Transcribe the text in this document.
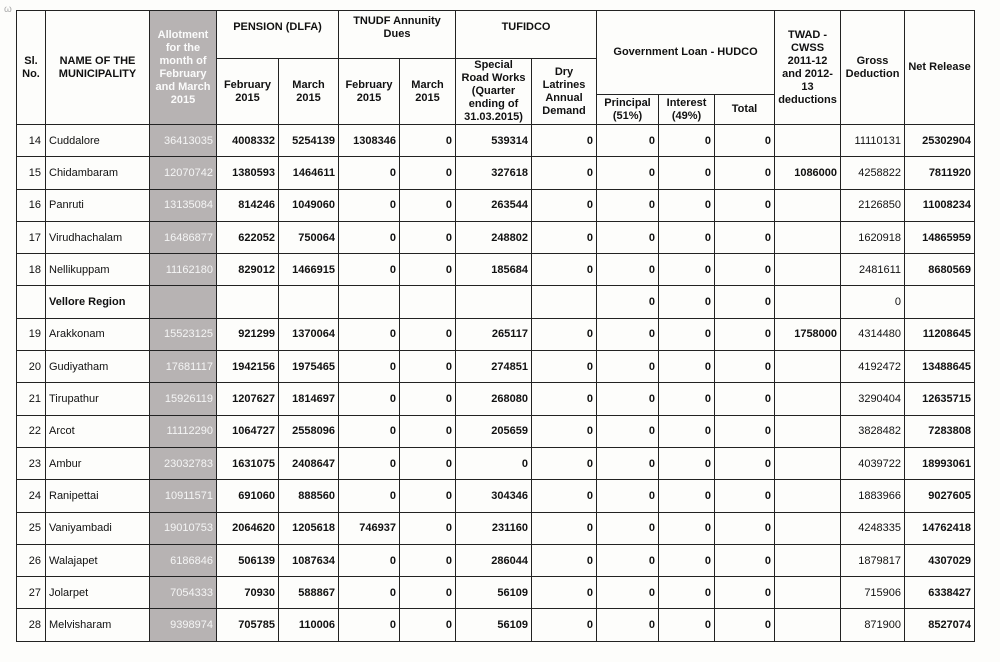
ω
Sl. No.	NAME OF THE MUNICIPALITY	Allotment for the month of February and March 2015	PENSION (DLFA)		TNUDF Annunity Dues		TUFIDCO		Government Loan - HUDCO			TWAD - CWSS 2011-12 and 2012-13 deductions	Gross Deduction	Net Release
			February 2015	March 2015	February 2015	March 2015	Special Road Works (Quarter ending of 31.03.2015)	Dry Latrines Annual Demand						
									Principal (51%)	Interest (49%)	Total			
14	Cuddalore	36413035	4008332	5254139	1308346	0	539314	0	0	0	0		11110131	25302904
15	Chidambaram	12070742	1380593	1464611	0	0	327618	0	0	0	0	1086000	4258822	7811920
16	Panruti	13135084	814246	1049060	0	0	263544	0	0	0	0		2126850	11008234
17	Virudhachalam	16486877	622052	750064	0	0	248802	0	0	0	0		1620918	14865959
18	Nellikuppam	11162180	829012	1466915	0	0	185684	0	0	0	0		2481611	8680569
	Vellore Region								0	0	0		0	
19	Arakkonam	15523125	921299	1370064	0	0	265117	0	0	0	0	1758000	4314480	11208645
20	Gudiyatham	17681117	1942156	1975465	0	0	274851	0	0	0	0		4192472	13488645
21	Tirupathur	15926119	1207627	1814697	0	0	268080	0	0	0	0		3290404	12635715
22	Arcot	11112290	1064727	2558096	0	0	205659	0	0	0	0		3828482	7283808
23	Ambur	23032783	1631075	2408647	0	0	0	0	0	0	0		4039722	18993061
24	Ranipettai	10911571	691060	888560	0	0	304346	0	0	0	0		1883966	9027605
25	Vaniyambadi	19010753	2064620	1205618	746937	0	231160	0	0	0	0		4248335	14762418
26	Walajapet	6186846	506139	1087634	0	0	286044	0	0	0	0		1879817	4307029
27	Jolarpet	7054333	70930	588867	0	0	56109	0	0	0	0		715906	6338427
28	Melvisharam	9398974	705785	110006	0	0	56109	0	0	0	0		871900	8527074
